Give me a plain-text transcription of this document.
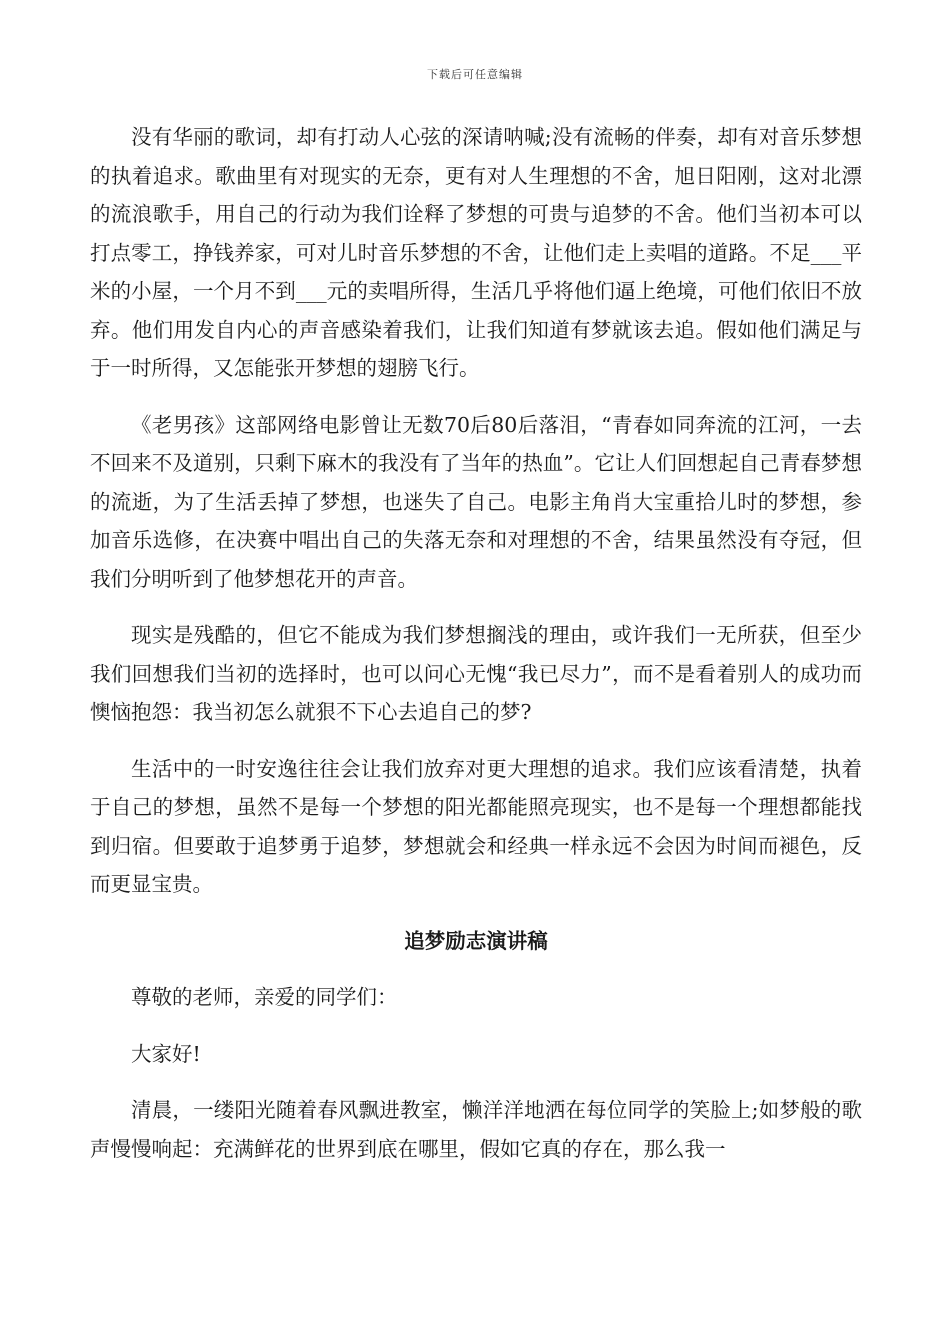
下载后可任意编辑

没有华丽的歌词，却有打动人心弦的深请呐喊;没有流畅的伴奏，却有对音乐梦想的执着追求。歌曲里有对现实的无奈，更有对人生理想的不舍，旭日阳刚，这对北漂的流浪歌手，用自己的行动为我们诠释了梦想的可贵与追梦的不舍。他们当初本可以打点零工，挣钱养家，可对儿时音乐梦想的不舍，让他们走上卖唱的道路。不足___平米的小屋，一个月不到___元的卖唱所得，生活几乎将他们逼上绝境，可他们依旧不放弃。他们用发自内心的声音感染着我们，让我们知道有梦就该去追。假如他们满足与于一时所得，又怎能张开梦想的翅膀飞行。

《老男孩》这部网络电影曾让无数70后80后落泪，“青春如同奔流的江河，一去不回来不及道别，只剩下麻木的我没有了当年的热血”。它让人们回想起自己青春梦想的流逝，为了生活丢掉了梦想，也迷失了自己。电影主角肖大宝重拾儿时的梦想，参加音乐选修，在决赛中唱出自己的失落无奈和对理想的不舍，结果虽然没有夺冠，但我们分明听到了他梦想花开的声音。

现实是残酷的，但它不能成为我们梦想搁浅的理由，或许我们一无所获，但至少我们回想我们当初的选择时，也可以问心无愧“我已尽力”，而不是看着别人的成功而懊恼抱怨：我当初怎么就狠不下心去追自己的梦?

生活中的一时安逸往往会让我们放弃对更大理想的追求。我们应该看清楚，执着于自己的梦想，虽然不是每一个梦想的阳光都能照亮现实，也不是每一个理想都能找到归宿。但要敢于追梦勇于追梦，梦想就会和经典一样永远不会因为时间而褪色，反而更显宝贵。

追梦励志演讲稿

尊敬的老师，亲爱的同学们：

大家好!

清晨，一缕阳光随着春风飘进教室，懒洋洋地洒在每位同学的笑脸上;如梦般的歌声慢慢响起：充满鲜花的世界到底在哪里，假如它真的存在，那么我一
